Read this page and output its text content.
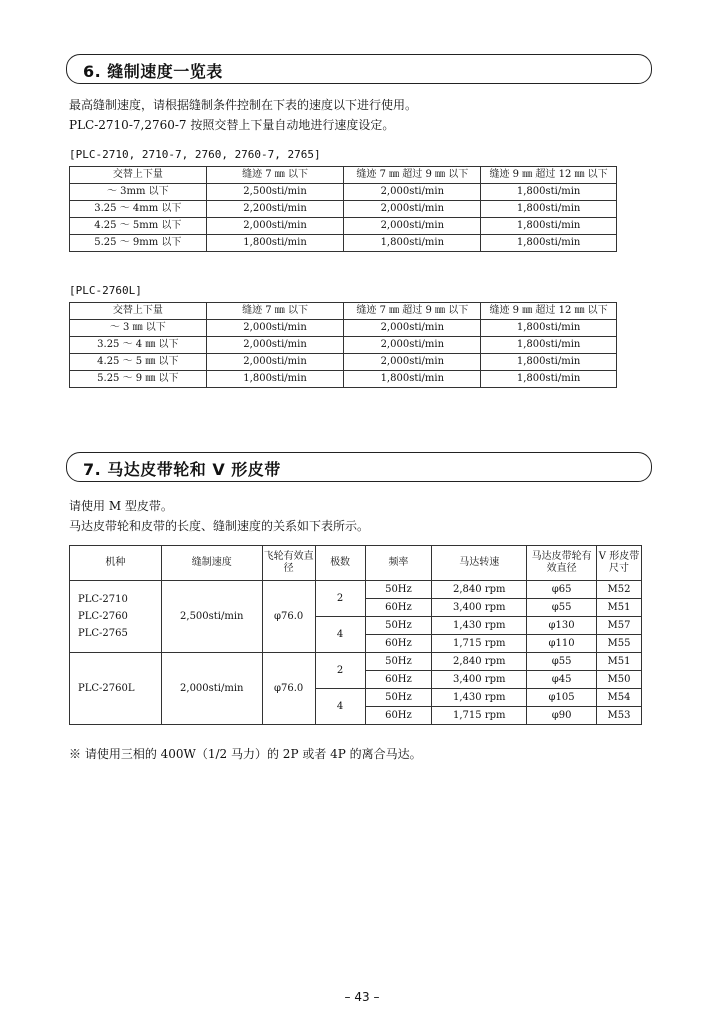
6. 缝制速度一览表
最高缝制速度，请根据缝制条件控制在下表的速度以下进行使用。
PLC-2710-7,2760-7 按照交替上下量自动地进行速度设定。
[PLC-2710, 2710-7, 2760, 2760-7, 2765]
交替上下量	缝迹 7 ㎜ 以下	缝迹 7 ㎜ 超过 9 ㎜ 以下	缝迹 9 ㎜ 超过 12 ㎜ 以下
～ 3mm 以下	2,500sti/min	2,000sti/min	1,800sti/min
3.25 ～ 4mm 以下	2,200sti/min	2,000sti/min	1,800sti/min
4.25 ～ 5mm 以下	2,000sti/min	2,000sti/min	1,800sti/min
5.25 ～ 9mm 以下	1,800sti/min	1,800sti/min	1,800sti/min
[PLC-2760L]
交替上下量	缝迹 7 ㎜ 以下	缝迹 7 ㎜ 超过 9 ㎜ 以下	缝迹 9 ㎜ 超过 12 ㎜ 以下
～ 3 ㎜ 以下	2,000sti/min	2,000sti/min	1,800sti/min
3.25 ～ 4 ㎜ 以下	2,000sti/min	2,000sti/min	1,800sti/min
4.25 ～ 5 ㎜ 以下	2,000sti/min	2,000sti/min	1,800sti/min
5.25 ～ 9 ㎜ 以下	1,800sti/min	1,800sti/min	1,800sti/min
7. 马达皮带轮和 V 形皮带
请使用 M 型皮带。
马达皮带轮和皮带的长度、缝制速度的关系如下表所示。
机种	缝制速度	飞轮有效直径	极数	频率	马达转速	马达皮带轮有效直径	V 形皮带尺寸

PLC-2710
PLC-2760
PLC-2765	2,500sti/min	φ76.0	2	50Hz	2,840 rpm	φ65	M52
				60Hz	3,400 rpm	φ55	M51
			4	50Hz	1,430 rpm	φ130	M57
				60Hz	1,715 rpm	φ110	M55

PLC-2760L	2,000sti/min	φ76.0	2	50Hz	2,840 rpm	φ55	M51
				60Hz	3,400 rpm	φ45	M50
			4	50Hz	1,430 rpm	φ105	M54
				60Hz	1,715 rpm	φ90	M53
※ 请使用三相的 400W（1/2 马力）的 2P 或者 4P 的离合马达。
– 43 –
